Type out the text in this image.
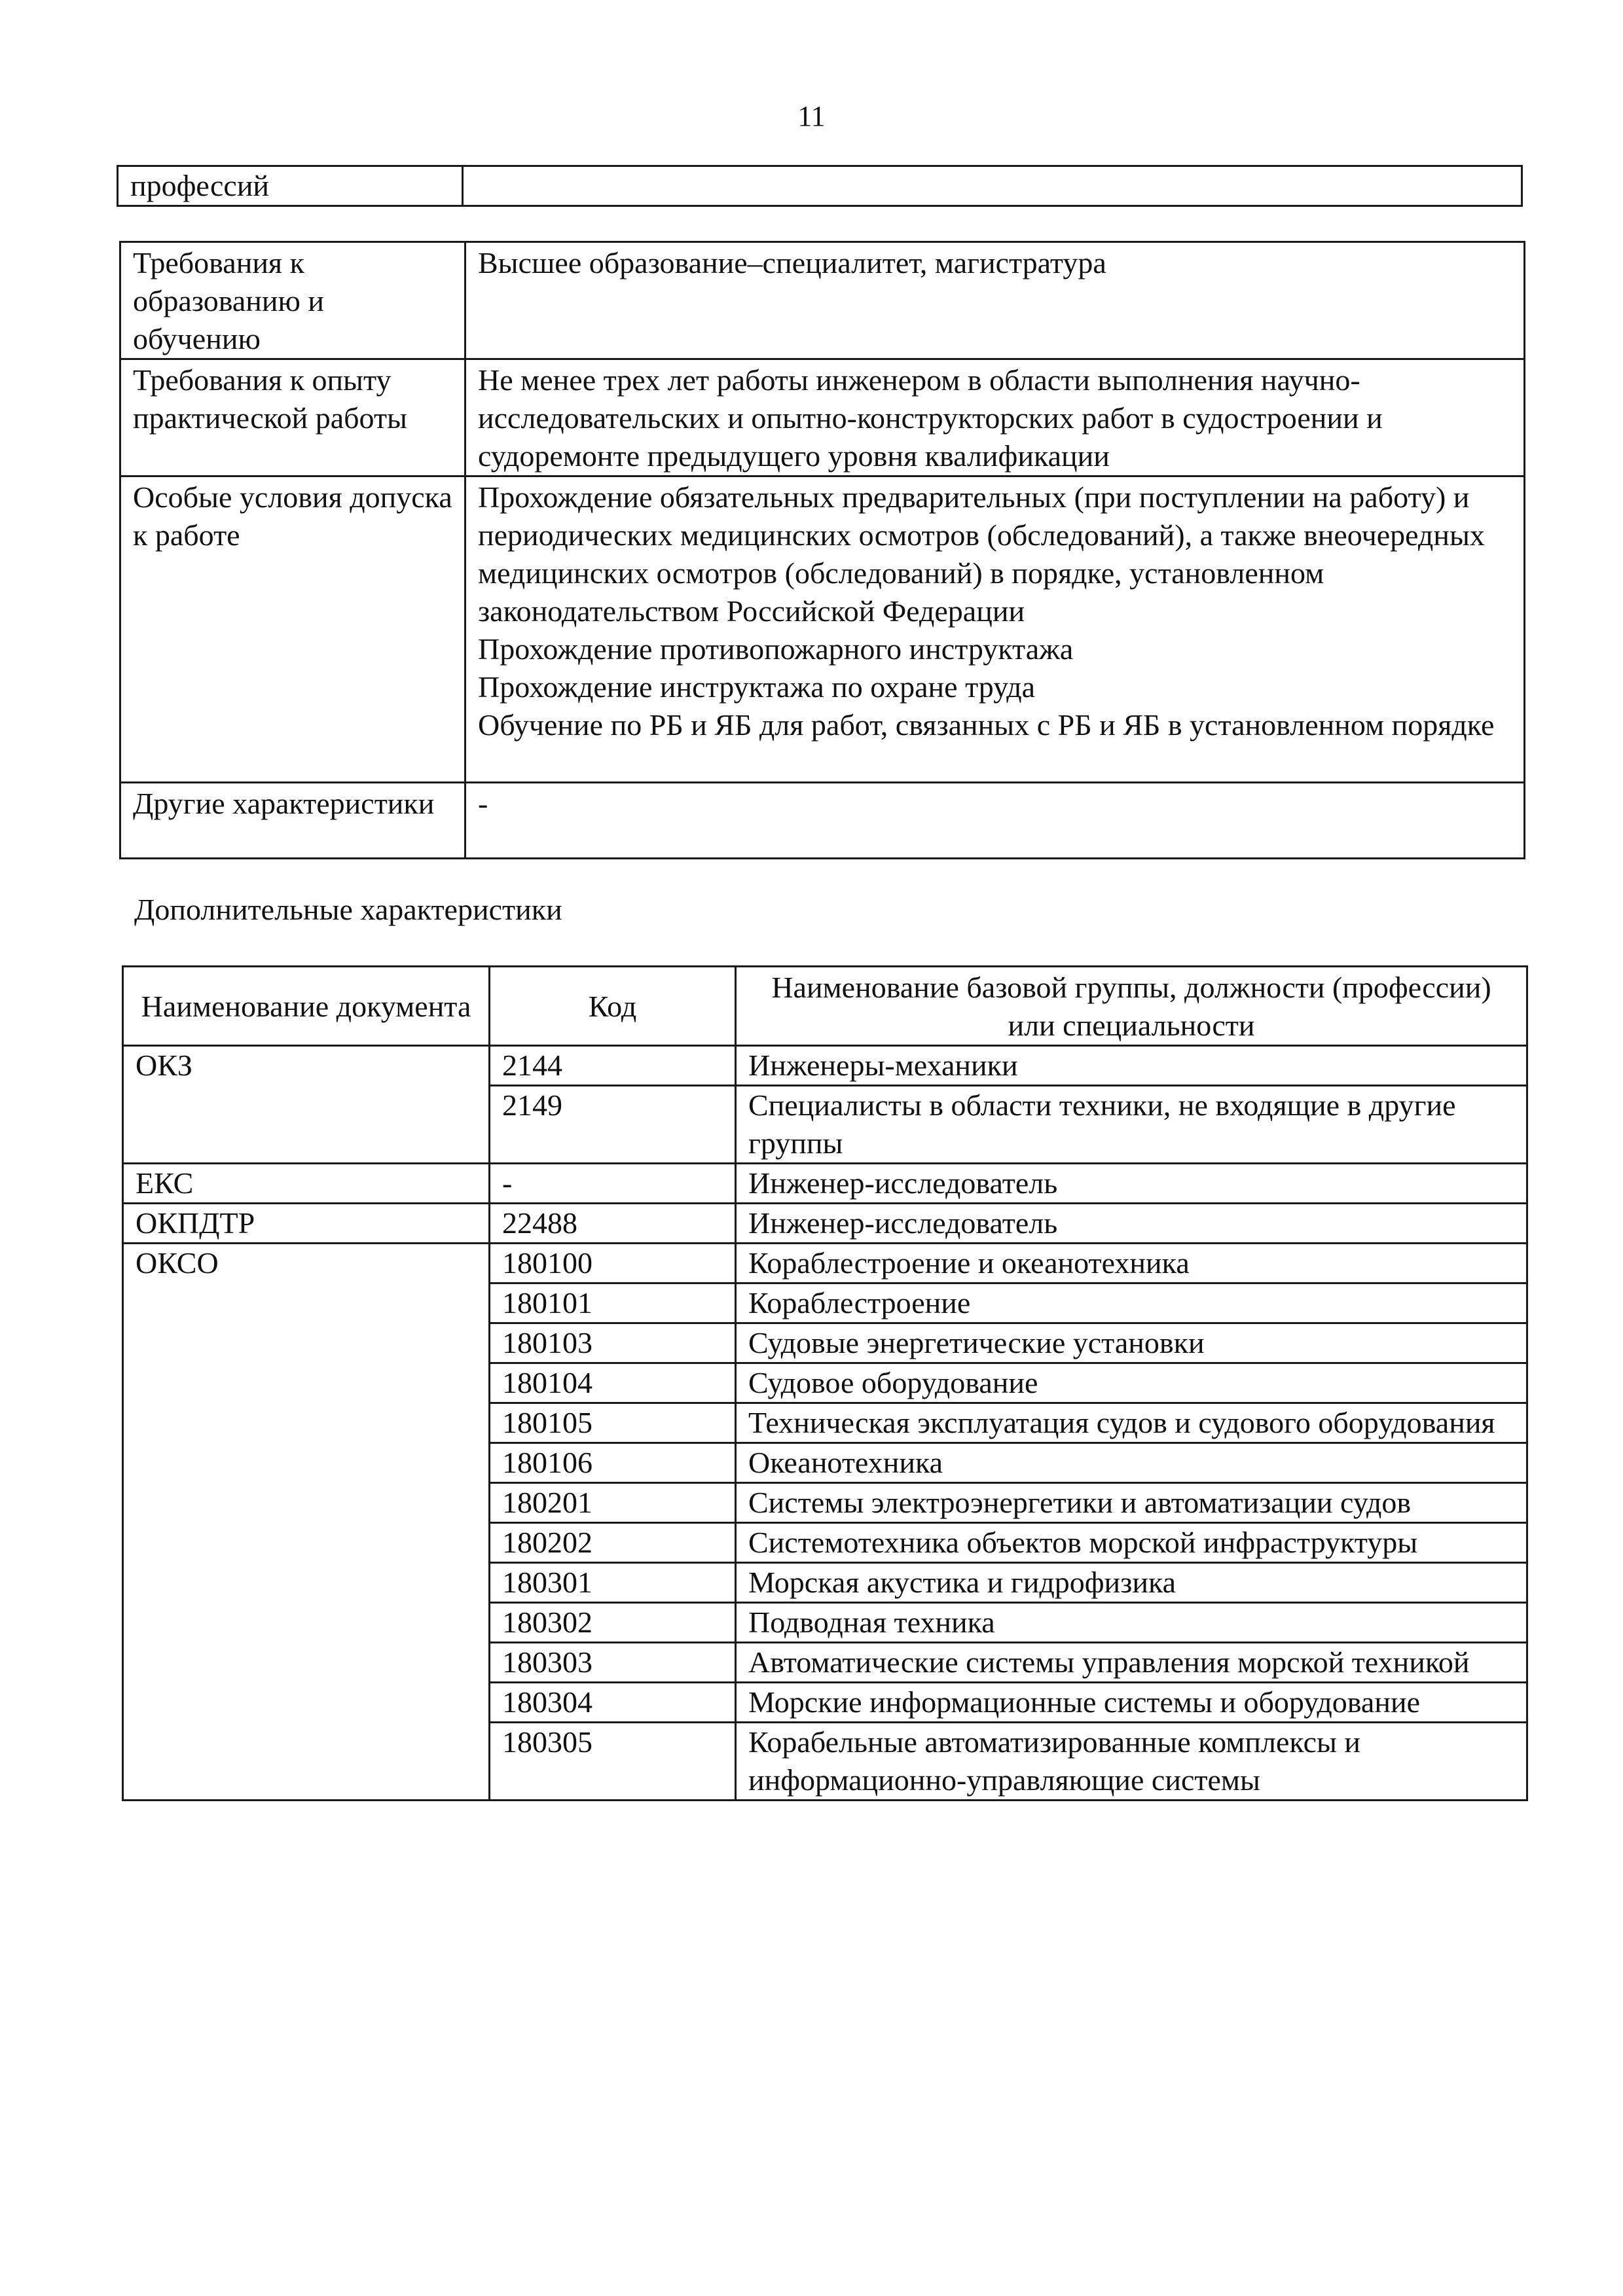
11
профессий	
Требования к образованию и обучению	Высшее образование–специалитет, магистратура

Требования к опыту практической работы	Не менее трех лет работы инженером в области выполнения научно-исследовательских и опытно-конструкторских работ в судостроении и судоремонте предыдущего уровня квалификации

Особые условия допуска к работе	Прохождение обязательных предварительных (при поступлении на работу) и периодических медицинских осмотров (обследований), а также внеочередных медицинских осмотров (обследований) в порядке, установленном законодательством Российской Федерации

Прохождение противопожарного инструктажа

Прохождение инструктажа по охране труда

Обучение по РБ и ЯБ для работ, связанных с РБ и ЯБ в установленном порядке

Другие характеристики	-

Дополнительные характеристики
Наименование документа	Код	Наименование базовой группы, должности (профессии) или специальности
ОКЗ	2144	Инженеры-механики
	2149	Специалисты в области техники, не входящие в другие группы
ЕКС	-	Инженер-исследователь
ОКПДТР	22488	Инженер-исследователь
ОКСО	180100	Кораблестроение и океанотехника
	180101	Кораблестроение
	180103	Судовые энергетические установки
	180104	Судовое оборудование
	180105	Техническая эксплуатация судов и судового оборудования
	180106	Океанотехника
	180201	Системы электроэнергетики и автоматизации судов
	180202	Системотехника объектов морской инфраструктуры
	180301	Морская акустика и гидрофизика
	180302	Подводная техника
	180303	Автоматические системы управления морской техникой
	180304	Морские информационные системы и оборудование
	180305	Корабельные автоматизированные комплексы и информационно-управляющие системы
